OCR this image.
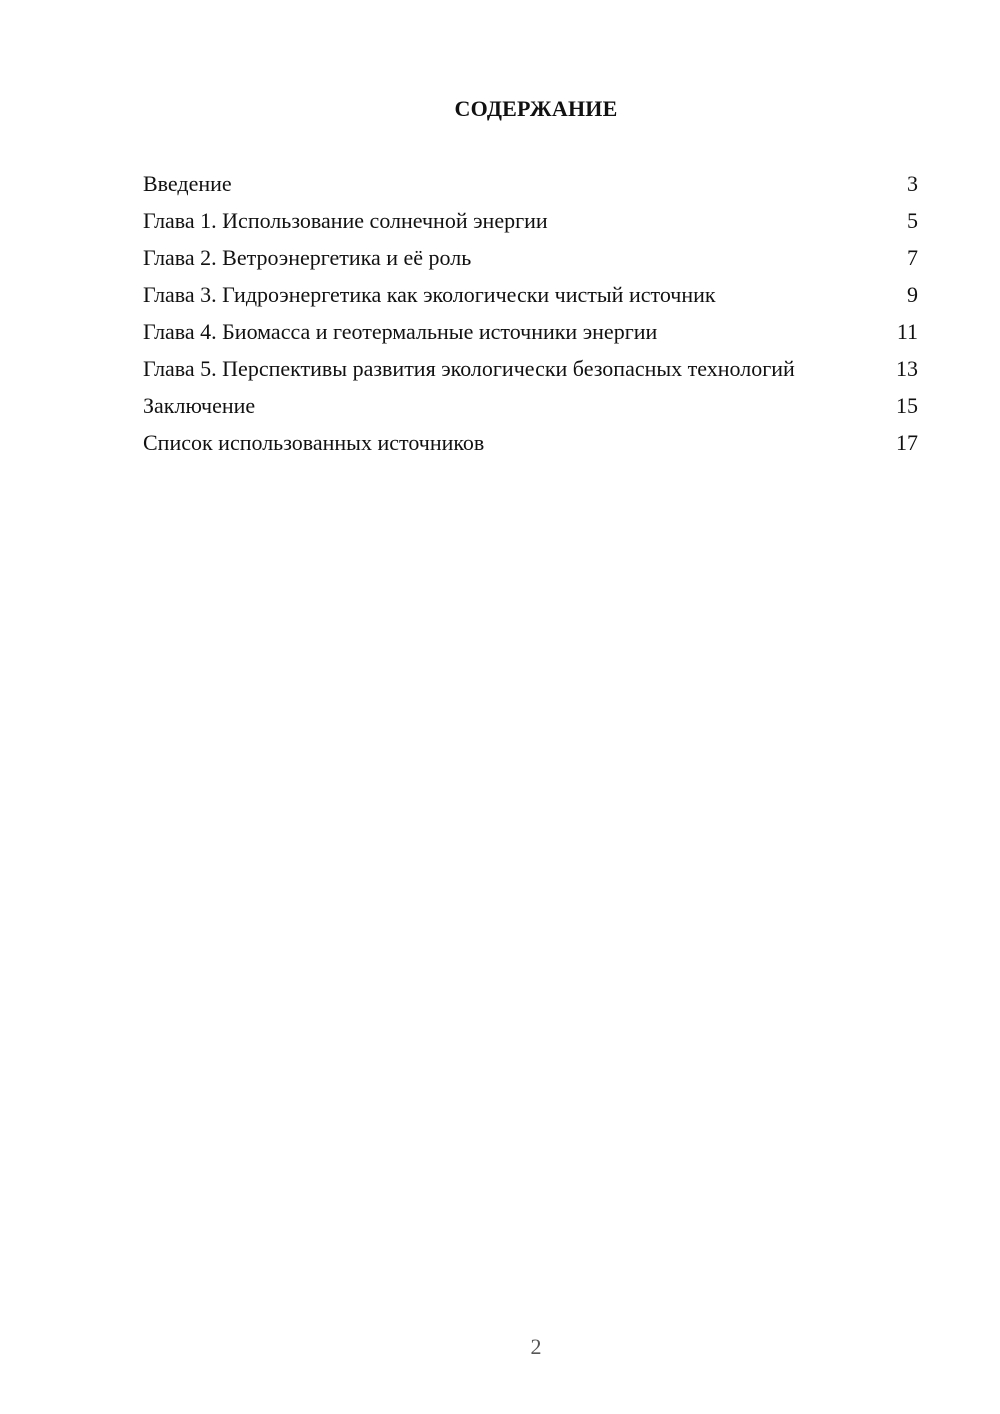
СОДЕРЖАНИЕ
Введение	3
Глава 1. Использование солнечной энергии	5
Глава 2. Ветроэнергетика и её роль	7
Глава 3. Гидроэнергетика как экологически чистый источник	9
Глава 4. Биомасса и геотермальные источники энергии	11
Глава 5. Перспективы развития экологически безопасных технологий	13
Заключение	15
Список использованных источников	17
2
